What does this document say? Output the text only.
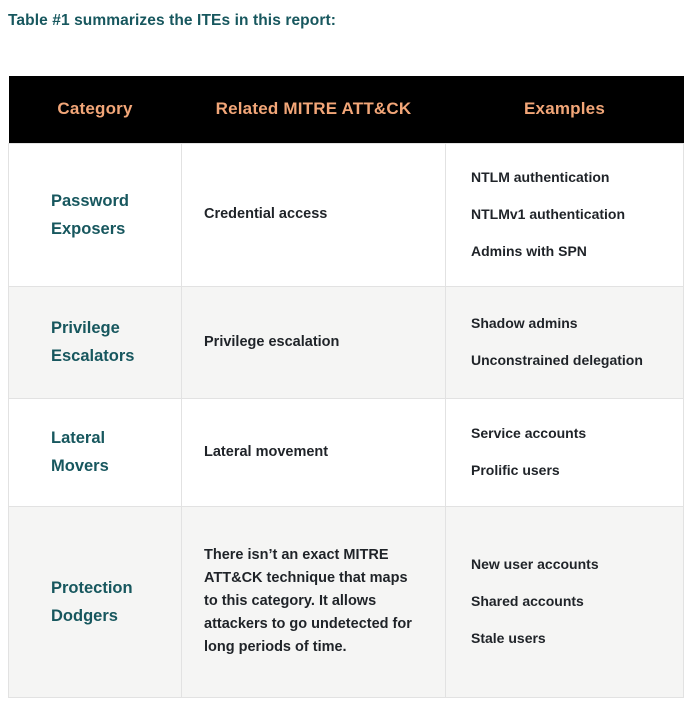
Table #1 summarizes the ITEs in this report:

Category	Related MITRE ATT&CK	Examples

Password Exposers	Credential access	NTLM authentication

NTLMv1 authentication

Admins with SPN

Privilege Escalators	Privilege escalation	Shadow admins

Unconstrained delegation

Lateral Movers	Lateral movement	Service accounts

Prolific users

Protection Dodgers	There isn’t an exact MITRE ATT&CK technique that maps to this category. It allows attackers to go undetected for long periods of time.	New user accounts

Shared accounts

Stale users
